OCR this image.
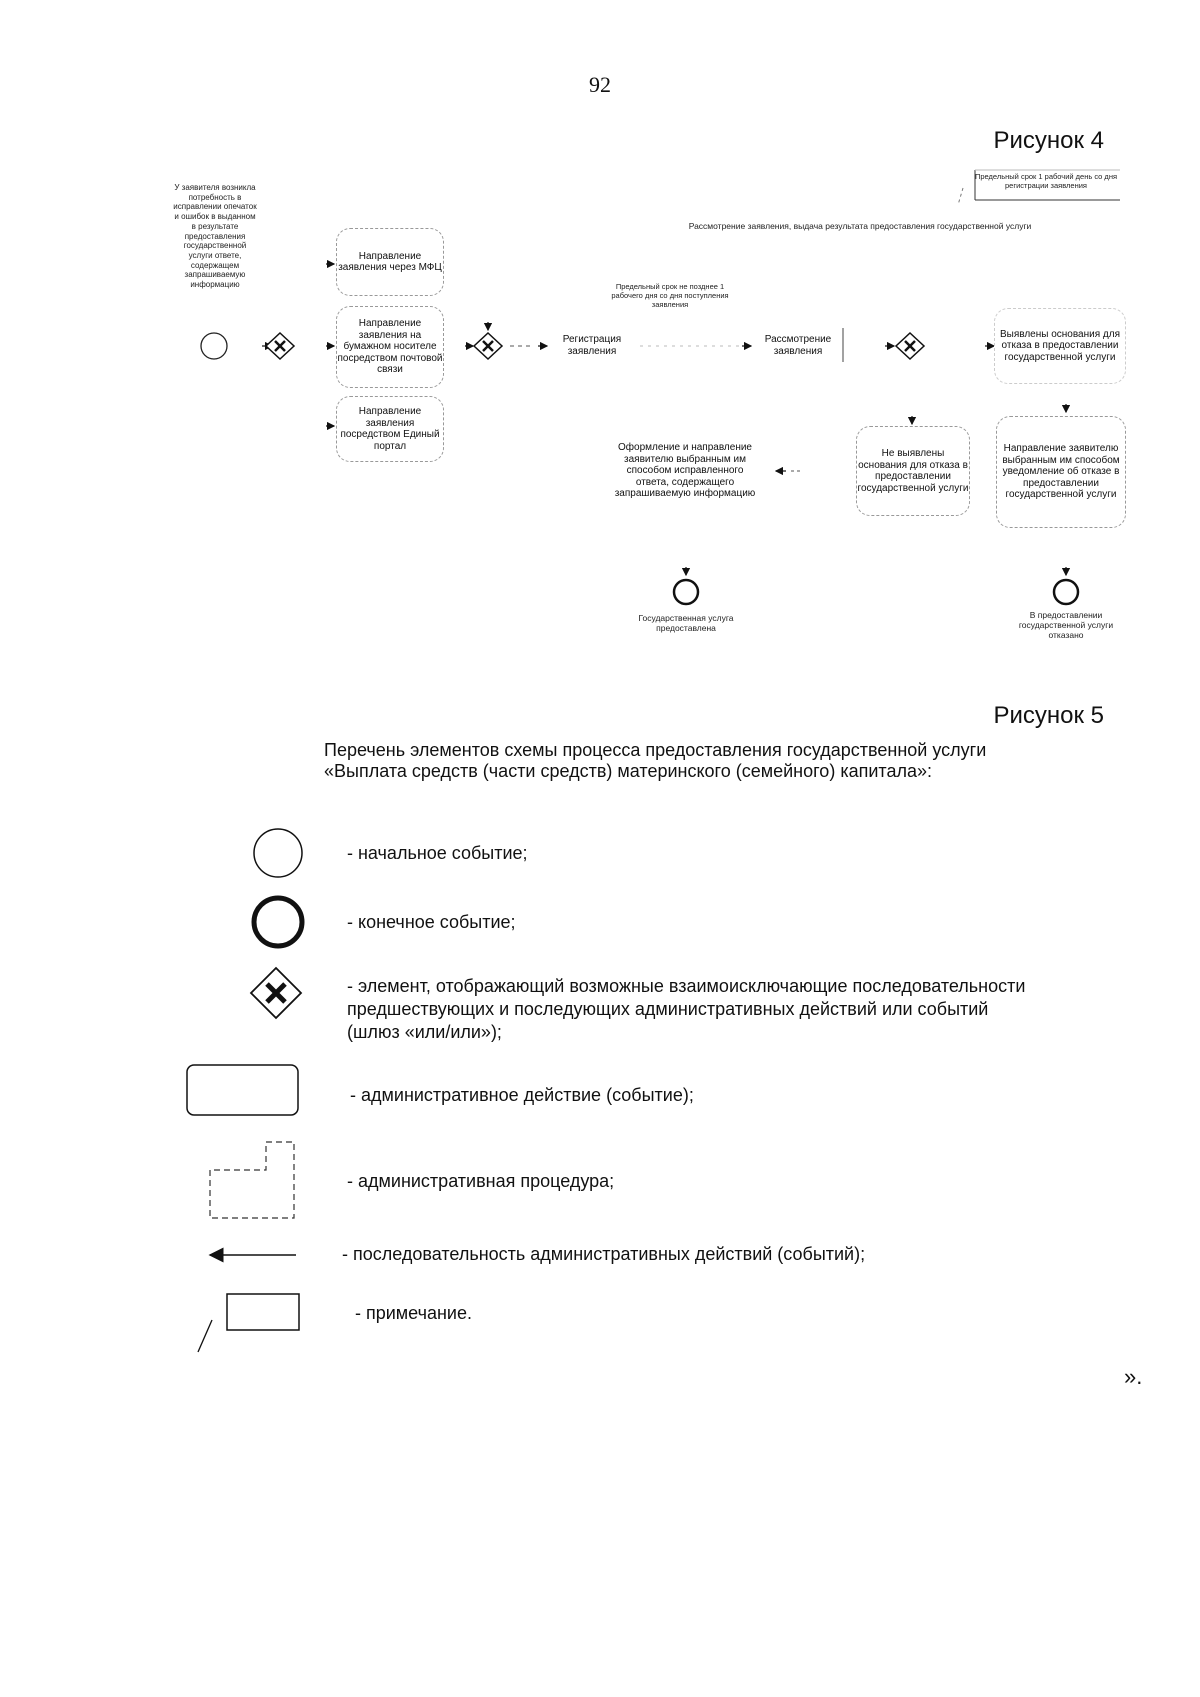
92
Рисунок 4
Предельный срок 1 рабочий день со дня регистрации заявления
Рассмотрение заявления, выдача результата предоставления государственной услуги
У заявителя возникла потребность в исправлении опечаток и ошибок в выданном в результате предоставления государственной услуги ответе, содержащем запрашиваемую информацию
Направление заявления через МФЦ
Направление заявления на бумажном носителе посредством почтовой связи
Направление заявления посредством Единый портал
Предельный срок не позднее 1 рабочего дня со дня поступления заявления
Регистрация заявления
Рассмотрение заявления
Выявлены основания для отказа в предоставлении государственной услуги
Направление заявителю выбранным им способом уведомление об отказе в предоставлении государственной услуги
Не выявлены основания для отказа в предоставлении государственной услуги
Оформление и направление заявителю выбранным им способом исправленного ответа, содержащего запрашиваемую информацию
Государственная услуга предоставлена
В предоставлении государственной услуги отказано
Рисунок 5
Перечень элементов схемы процесса предоставления государственной услуги
«Выплата средств (части средств) материнского (семейного) капитала»:
- начальное событие;
- конечное событие;
- элемент, отображающий возможные взаимоисключающие последовательности
предшествующих и последующих административных действий или событий
(шлюз «или/или»);
- административное действие (событие);
- административная процедура;
- последовательность административных действий (событий);
- примечание.
».
